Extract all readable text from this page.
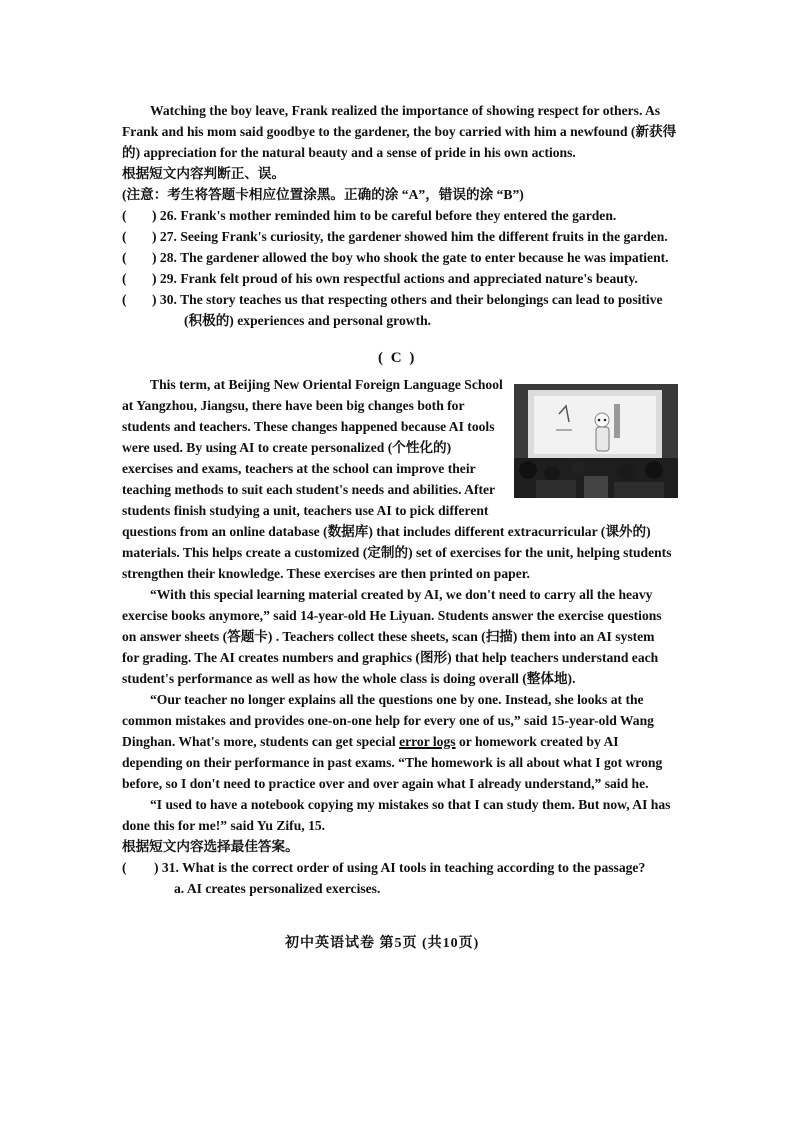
Watching the boy leave, Frank realized the importance of showing respect for others. As
Frank and his mom said goodbye to the gardener, the boy carried with him a newfound (新获得
的) appreciation for the natural beauty and a sense of pride in his own actions.
根据短文内容判断正、误。
(注意：考生将答题卡相应位置涂黑。正确的涂 “A”，错误的涂 “B”)
( ) 26. Frank's mother reminded him to be careful before they entered the garden.
( ) 27. Seeing Frank's curiosity, the gardener showed him the different fruits in the garden.
( ) 28. The gardener allowed the boy who shook the gate to enter because he was impatient.
( ) 29. Frank felt proud of his own respectful actions and appreciated nature's beauty.
( ) 30. The story teaches us that respecting others and their belongings can lead to positive
(积极的) experiences and personal growth.
( C )
This term, at Beijing New Oriental Foreign Language School
at Yangzhou, Jiangsu, there have been big changes both for
students and teachers. These changes happened because AI tools
were used. By using AI to create personalized (个性化的)
exercises and exams, teachers at the school can improve their
teaching methods to suit each student's needs and abilities. After
students finish studying a unit, teachers use AI to pick different
questions from an online database (数据库) that includes different extracurricular (课外的)
materials. This helps create a customized (定制的) set of exercises for the unit, helping students
strengthen their knowledge. These exercises are then printed on paper.
“With this special learning material created by AI, we don't need to carry all the heavy
exercise books anymore,” said 14-year-old He Liyuan. Students answer the exercise questions
on answer sheets (答题卡) . Teachers collect these sheets, scan (扫描) them into an AI system
for grading. The AI creates numbers and graphics (图形) that help teachers understand each
student's performance as well as how the whole class is doing overall (整体地).
“Our teacher no longer explains all the questions one by one. Instead, she looks at the
common mistakes and provides one-on-one help for every one of us,” said 15-year-old Wang
Dinghan. What's more, students can get special error logs or homework created by AI
depending on their performance in past exams. “The homework is all about what I got wrong
before, so I don't need to practice over and over again what I already understand,” said he.
“I used to have a notebook copying my mistakes so that I can study them. But now, AI has
done this for me!” said Yu Zifu, 15.
根据短文内容选择最佳答案。
( ) 31. What is the correct order of using AI tools in teaching according to the passage?
a. AI creates personalized exercises.
初中英语试卷 第5页 (共10页)
